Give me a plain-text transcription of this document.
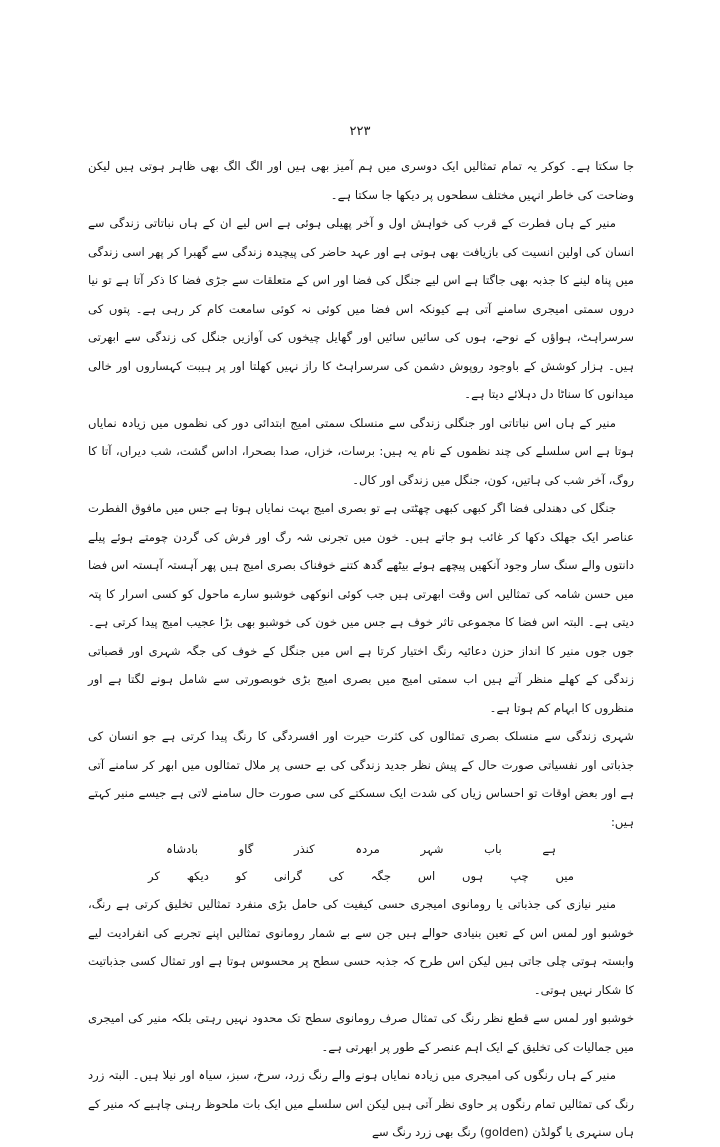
۲۲۳

جا سکتا ہے۔ کوکر یہ تمام تمثالیں ایک دوسری میں ہم آمیز بھی ہیں اور الگ الگ بھی ظاہر ہوتی ہیں لیکن وضاحت کی خاطر انہیں مختلف سطحوں پر دیکھا جا سکتا ہے۔

منیر کے ہاں فطرت کے قرب کی خواہش اول و آخر پھیلی ہوئی ہے اس لیے ان کے ہاں نباتاتی زندگی سے انسان کی اولین انسیت کی بازیافت بھی ہوتی ہے اور عہد حاضر کی پیچیدہ زندگی سے گھبرا کر پھر اسی زندگی میں پناہ لینے کا جذبہ بھی جاگتا ہے اس لیے جنگل کی فضا اور اس کے متعلقات سے جڑی فضا کا ذکر آتا ہے تو نیا دروں سمتی امیجری سامنے آتی ہے کیونکہ اس فضا میں کوئی نہ کوئی سامعت کام کر رہی ہے۔ پتوں کی سرسراہٹ، ہواؤں کے نوحے، ہوں کی سائیں سائیں اور گھایل چیخوں کی آوازیں جنگل کی زندگی سے ابھرتی ہیں۔ ہزار کوشش کے باوجود روپوش دشمن کی سرسراہٹ کا راز نہیں کھلتا اور پر ہیبت کہساروں اور خالی میدانوں کا سناٹا دل دہلائے دیتا ہے۔

منیر کے ہاں اس نباتاتی اور جنگلی زندگی سے منسلک سمتی امیج ابتدائی دور کی نظموں میں زیادہ نمایاں ہوتا ہے اس سلسلے کی چند نظموں کے نام یہ ہیں: برسات، خزاں، صدا بصحرا، اداس گشت، شب دیراں، آتا کا روگ، آخر شب کی ہاتیں، کون، جنگل میں زندگی اور کال۔

جنگل کی دھندلی فضا اگر کبھی کبھی چھٹتی ہے تو بصری امیج بہت نمایاں ہوتا ہے جس میں مافوق الفطرت عناصر ایک جھلک دکھا کر غائب ہو جاتے ہیں۔ خون میں تجرنی شہ رگ اور فرش کی گردن چومتے ہوئے پیلے دانتوں والے سنگ سار وجود آنکھیں پیچھے ہوئے بیٹھے گدھ کتنے خوفناک بصری امیج ہیں پھر آہستہ آہستہ اس فضا میں حسن شامہ کی تمثالیں اس وقت ابھرتی ہیں جب کوئی انوکھی خوشبو سارے ماحول کو کسی اسرار کا پتہ دیتی ہے۔ البتہ اس فضا کا مجموعی تاثر خوف ہے جس میں خون کی خوشبو بھی بڑا عجیب امیج پیدا کرتی ہے۔ جوں جوں منیر کا انداز حزن دعائیہ رنگ اختیار کرتا ہے اس میں جنگل کے خوف کی جگہ شہری اور قصباتی زندگی کے کھلے منظر آتے ہیں اب سمتی امیج میں بصری امیج بڑی خوبصورتی سے شامل ہونے لگتا ہے اور منظروں کا ابہام کم ہوتا ہے۔

شہری زندگی سے منسلک بصری تمثالوں کی کثرت حیرت اور افسردگی کا رنگ پیدا کرتی ہے جو انسان کی جذباتی اور نفسیاتی صورت حال کے پیش نظر جدید زندگی کی بے حسی پر ملال تمثالوں میں ابھر کر سامنے آتی ہے اور بعض اوقات تو احساس زیاں کی شدت ایک سسکتے کی سی صورت حال سامنے لاتی ہے جیسے منیر کہتے ہیں:

ہے
باب
شہر
مردہ
کنذر
گاو
بادشاہ
میں
چپ
ہوں
اس
جگہ
کی
گرانی
کو
دیکھ
کر

منیر نیازی کی جذباتی یا رومانوی امیجری حسی کیفیت کی حامل بڑی منفرد تمثالیں تخلیق کرتی ہے رنگ، خوشبو اور لمس اس کے تعین بنیادی حوالے ہیں جن سے بے شمار رومانوی تمثالیں اپنے تجربے کی انفرادیت لیے وابستہ ہوتی چلی جاتی ہیں لیکن اس طرح کہ جذبہ حسی سطح پر محسوس ہوتا ہے اور تمثال کسی جذباتیت کا شکار نہیں ہوتی۔

خوشبو اور لمس سے قطع نظر رنگ کی تمثال صرف رومانوی سطح تک محدود نہیں رہتی بلکہ منیر کی امیجری میں جمالیات کی تخلیق کے ایک اہم عنصر کے طور پر ابھرتی ہے۔

منیر کے ہاں رنگوں کی امیجری میں زیادہ نمایاں ہونے والے رنگ زرد، سرخ، سبز، سیاہ اور نیلا ہیں۔ البتہ زرد رنگ کی تمثالیں تمام رنگوں پر حاوی نظر آتی ہیں لیکن اس سلسلے میں ایک بات ملحوظ رہنی چاہیے کہ منیر کے ہاں سنہری یا گولڈن (golden) رنگ بھی زرد رنگ سے
